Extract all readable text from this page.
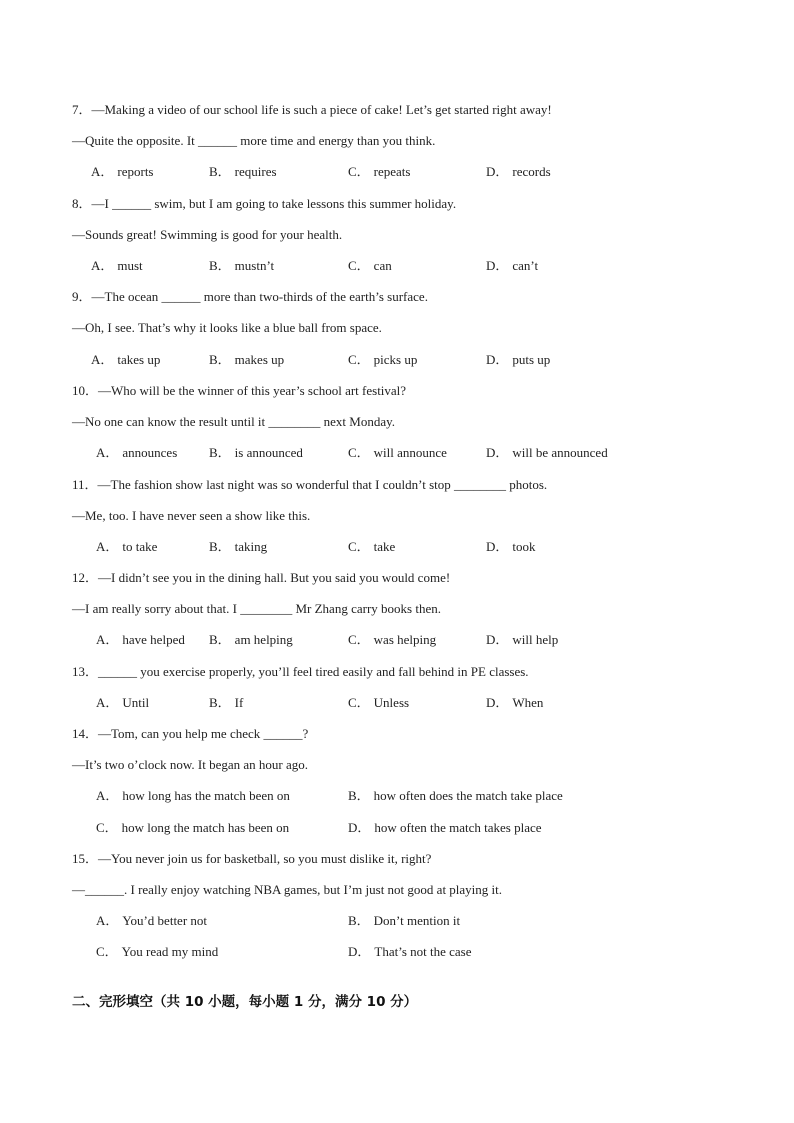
7．—Making a video of our school life is such a piece of cake! Let’s get started right away!
—Quite the opposite. It ______ more time and energy than you think.
A． reports	B． requires	C． repeats	D． records
8．—I ______ swim, but I am going to take lessons this summer holiday.
—Sounds great! Swimming is good for your health.
A． must	B． mustn’t	C． can	D． can’t
9．—The ocean ______ more than two-thirds of the earth’s surface.
—Oh, I see. That’s why it looks like a blue ball from space.
A． takes up	B． makes up	C． picks up	D． puts up
10．—Who will be the winner of this year’s school art festival?
—No one can know the result until it ________ next Monday.
A． announces B． is announced	C． will announce	D． will be announced
11．—The fashion show last night was so wonderful that I couldn’t stop ________ photos.
—Me, too. I have never seen a show like this.
A． to take	B． taking	C． take	D． took
12．—I didn’t see you in the dining hall. But you said you would come!
—I am really sorry about that. I ________ Mr Zhang carry books then.
A． have helped B． am helping	C． was helping	D． will help
13．______ you exercise properly, you’ll feel tired easily and fall behind in PE classes.
A． Until	B． If	C． Unless	D． When
14．—Tom, can you help me check ______?
—It’s two o’clock now. It began an hour ago.
A． how long has the match been on	B． how often does the match take place
C． how long the match has been on	D． how often the match takes place
15．—You never join us for basketball, so you must dislike it, right?
—______. I really enjoy watching NBA games, but I’m just not good at playing it.
A． You’d better not	B． Don’t mention it
C． You read my mind	D． That’s not the case
二、完形填空（共 10 小题，每小题 1 分，满分 10 分）
